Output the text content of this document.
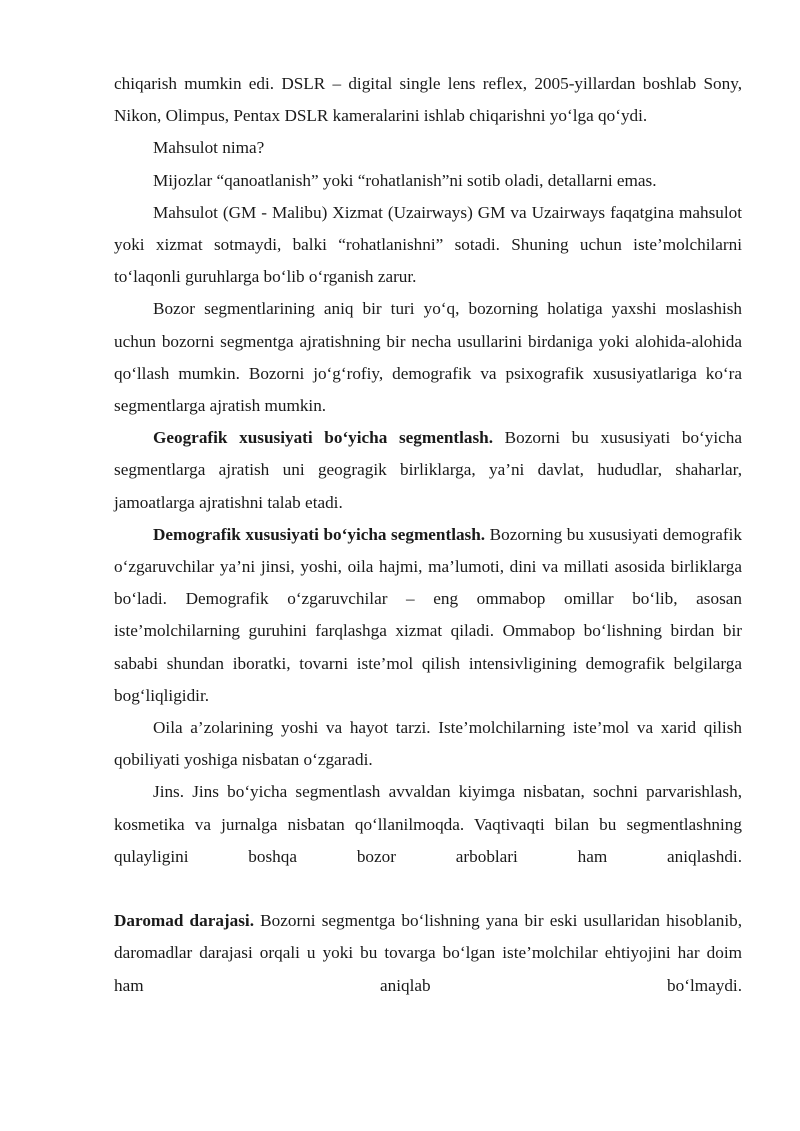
chiqarish mumkin edi. DSLR – digital single lens reflex, 2005-yillardan boshlab Sony, Nikon, Olimpus, Pentax DSLR kameralarini ishlab chiqarishni yo‘lga qo‘ydi.

Mahsulot nima?

Mijozlar “qanoatlanish” yoki “rohatlanish”ni sotib oladi, detallarni emas.

Mahsulot (GM - Malibu) Xizmat (Uzairways) GM va Uzairways faqatgina mahsulot yoki xizmat sotmaydi, balki “rohatlanishni” sotadi. Shuning uchun iste’molchilarni to‘laqonli guruhlarga bo‘lib o‘rganish zarur.

Bozor segmentlarining aniq bir turi yo‘q, bozorning holatiga yaxshi moslashish uchun bozorni segmentga ajratishning bir necha usullarini birdaniga yoki alohida-alohida qo‘llash mumkin. Bozorni jo‘g‘rofiy, demografik va psixografik xususiyatlariga ko‘ra segmentlarga ajratish mumkin.

Geografik xususiyati bo‘yicha segmentlash. Bozorni bu xususiyati bo‘yicha segmentlarga ajratish uni geogragik birliklarga, ya’ni davlat, hududlar, shaharlar, jamoatlarga ajratishni talab etadi.

Demografik xususiyati bo‘yicha segmentlash. Bozorning bu xususiyati demografik o‘zgaruvchilar ya’ni jinsi, yoshi, oila hajmi, ma’lumoti, dini va millati asosida birliklarga bo‘ladi. Demografik o‘zgaruvchilar – eng ommabop omillar bo‘lib, asosan iste’molchilarning guruhini farqlashga xizmat qiladi. Ommabop bo‘lishning birdan bir sababi shundan iboratki, tovarni iste’mol qilish intensivligining demografik belgilarga bog‘liqligidir.

Oila a’zolarining yoshi va hayot tarzi. Iste’molchilarning iste’mol va xarid qilish qobiliyati yoshiga nisbatan o‘zgaradi.

Jins. Jins bo‘yicha segmentlash avvaldan kiyimga nisbatan, sochni parvarishlash, kosmetika va jurnalga nisbatan qo‘llanilmoqda. Vaqtivaqti bilan bu segmentlashning qulayligini boshqa bozor arboblari ham aniqlashdi.

Daromad darajasi. Bozorni segmentga bo‘lishning yana bir eski usullaridan hisoblanib, daromadlar darajasi orqali u yoki bu tovarga bo‘lgan iste’molchilar ehtiyojini har doim ham aniqlab bo‘lmaydi.
